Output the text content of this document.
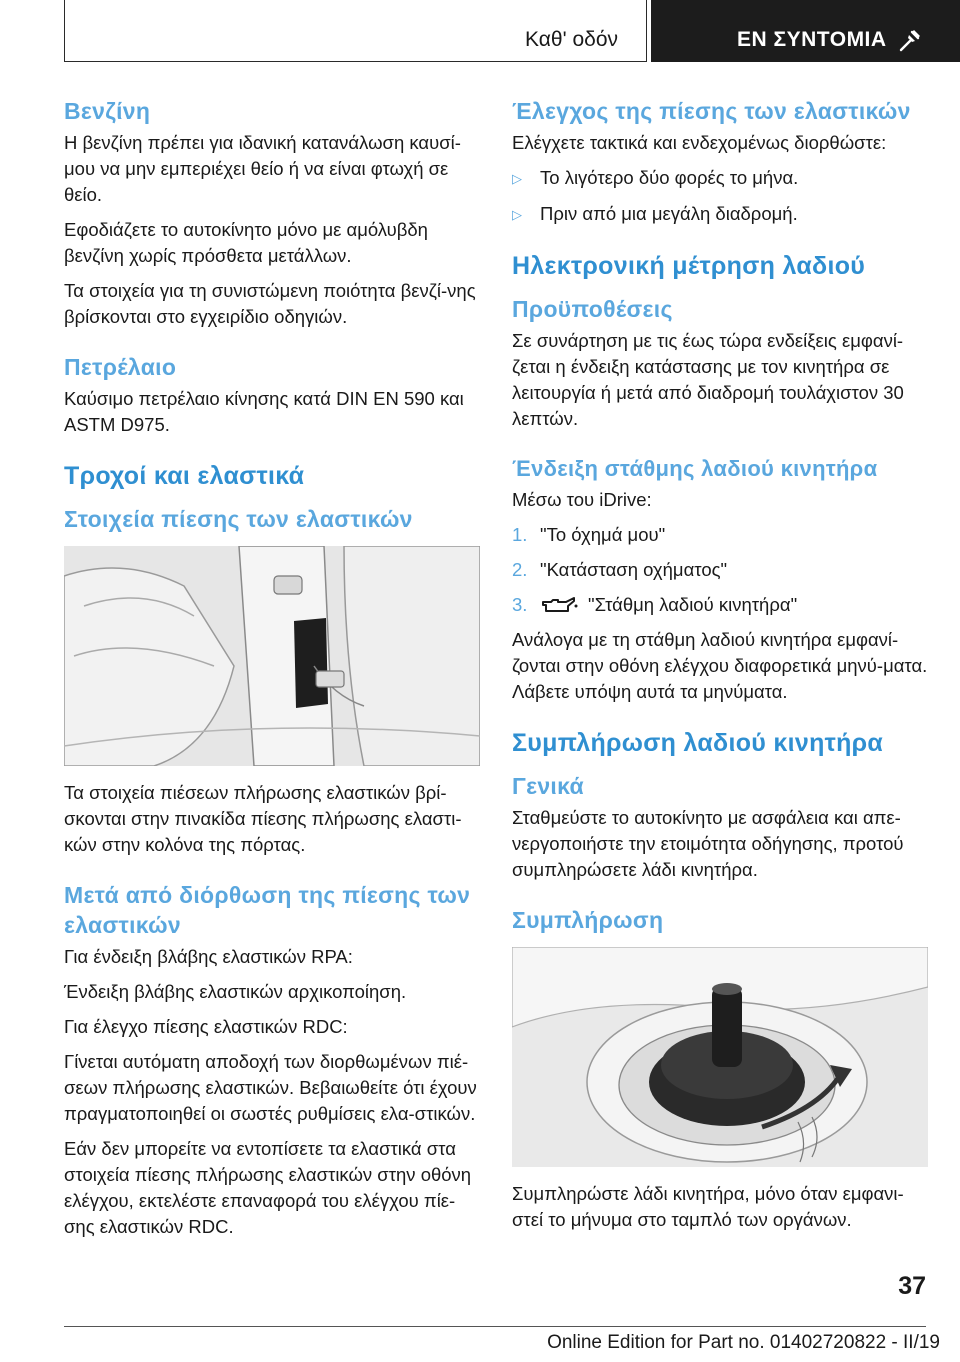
Καθ' οδόν	ΕΝ ΣΥΝΤΟΜΙΑ
Βενζίνη

Η βενζίνη πρέπει για ιδανική κατανάλωση καυσί-μου να μην εμπεριέχει θείο ή να είναι φτωχή σε θείο.

Εφοδιάζετε το αυτοκίνητο μόνο με αμόλυβδη βενζίνη χωρίς πρόσθετα μετάλλων.

Τα στοιχεία για τη συνιστώμενη ποιότητα βενζί-νης βρίσκονται στο εγχειρίδιο οδηγιών.

Πετρέλαιο

Καύσιμο πετρέλαιο κίνησης κατά DIN EN 590 και ASTM D975.

Τροχοί και ελαστικά
Στοιχεία πίεσης των ελαστικών

Τα στοιχεία πιέσεων πλήρωσης ελαστικών βρί-σκονται στην πινακίδα πίεσης πλήρωσης ελαστι-κών στην κολόνα της πόρτας.

Μετά από διόρθωση της πίεσης των ελαστικών

Για ένδειξη βλάβης ελαστικών RPA:

Ένδειξη βλάβης ελαστικών αρχικοποίηση.

Για έλεγχο πίεσης ελαστικών RDC:

Γίνεται αυτόματη αποδοχή των διορθωμένων πιέ-σεων πλήρωσης ελαστικών. Βεβαιωθείτε ότι έχουν πραγματοποιηθεί οι σωστές ρυθμίσεις ελα-στικών.

Εάν δεν μπορείτε να εντοπίσετε τα ελαστικά στα στοιχεία πίεσης πλήρωσης ελαστικών στην οθόνη ελέγχου, εκτελέστε επαναφορά του ελέγχου πίε-σης ελαστικών RDC.

Έλεγχος της πίεσης των ελαστικών

Ελέγχετε τακτικά και ενδεχομένως διορθώστε:

▷ Το λιγότερο δύο φορές το μήνα.
▷ Πριν από μια μεγάλη διαδρομή.
Ηλεκτρονική μέτρηση λαδιού
Προϋποθέσεις

Σε συνάρτηση με τις έως τώρα ενδείξεις εμφανί-ζεται η ένδειξη κατάστασης με τον κινητήρα σε λειτουργία ή μετά από διαδρομή τουλάχιστον 30 λεπτών.

Ένδειξη στάθμης λαδιού κινητήρα

Μέσω του iDrive:

1. "Το όχημά μου"
2. "Κατάσταση οχήματος"
3.	"Στάθμη λαδιού κινητήρα"

Ανάλογα με τη στάθμη λαδιού κινητήρα εμφανί-ζονται στην οθόνη ελέγχου διαφορετικά μηνύ-ματα. Λάβετε υπόψη αυτά τα μηνύματα.

Συμπλήρωση λαδιού κινητήρα
Γενικά

Σταθμεύστε το αυτοκίνητο με ασφάλεια και απε-νεργοποιήστε την ετοιμότητα οδήγησης, προτού συμπληρώσετε λάδι κινητήρα.

Συμπλήρωση

Συμπληρώστε λάδι κινητήρα, μόνο όταν εμφανι-στεί το μήνυμα στο ταμπλό των οργάνων.

37
Online Edition for Part no. 01402720822 - II/19
